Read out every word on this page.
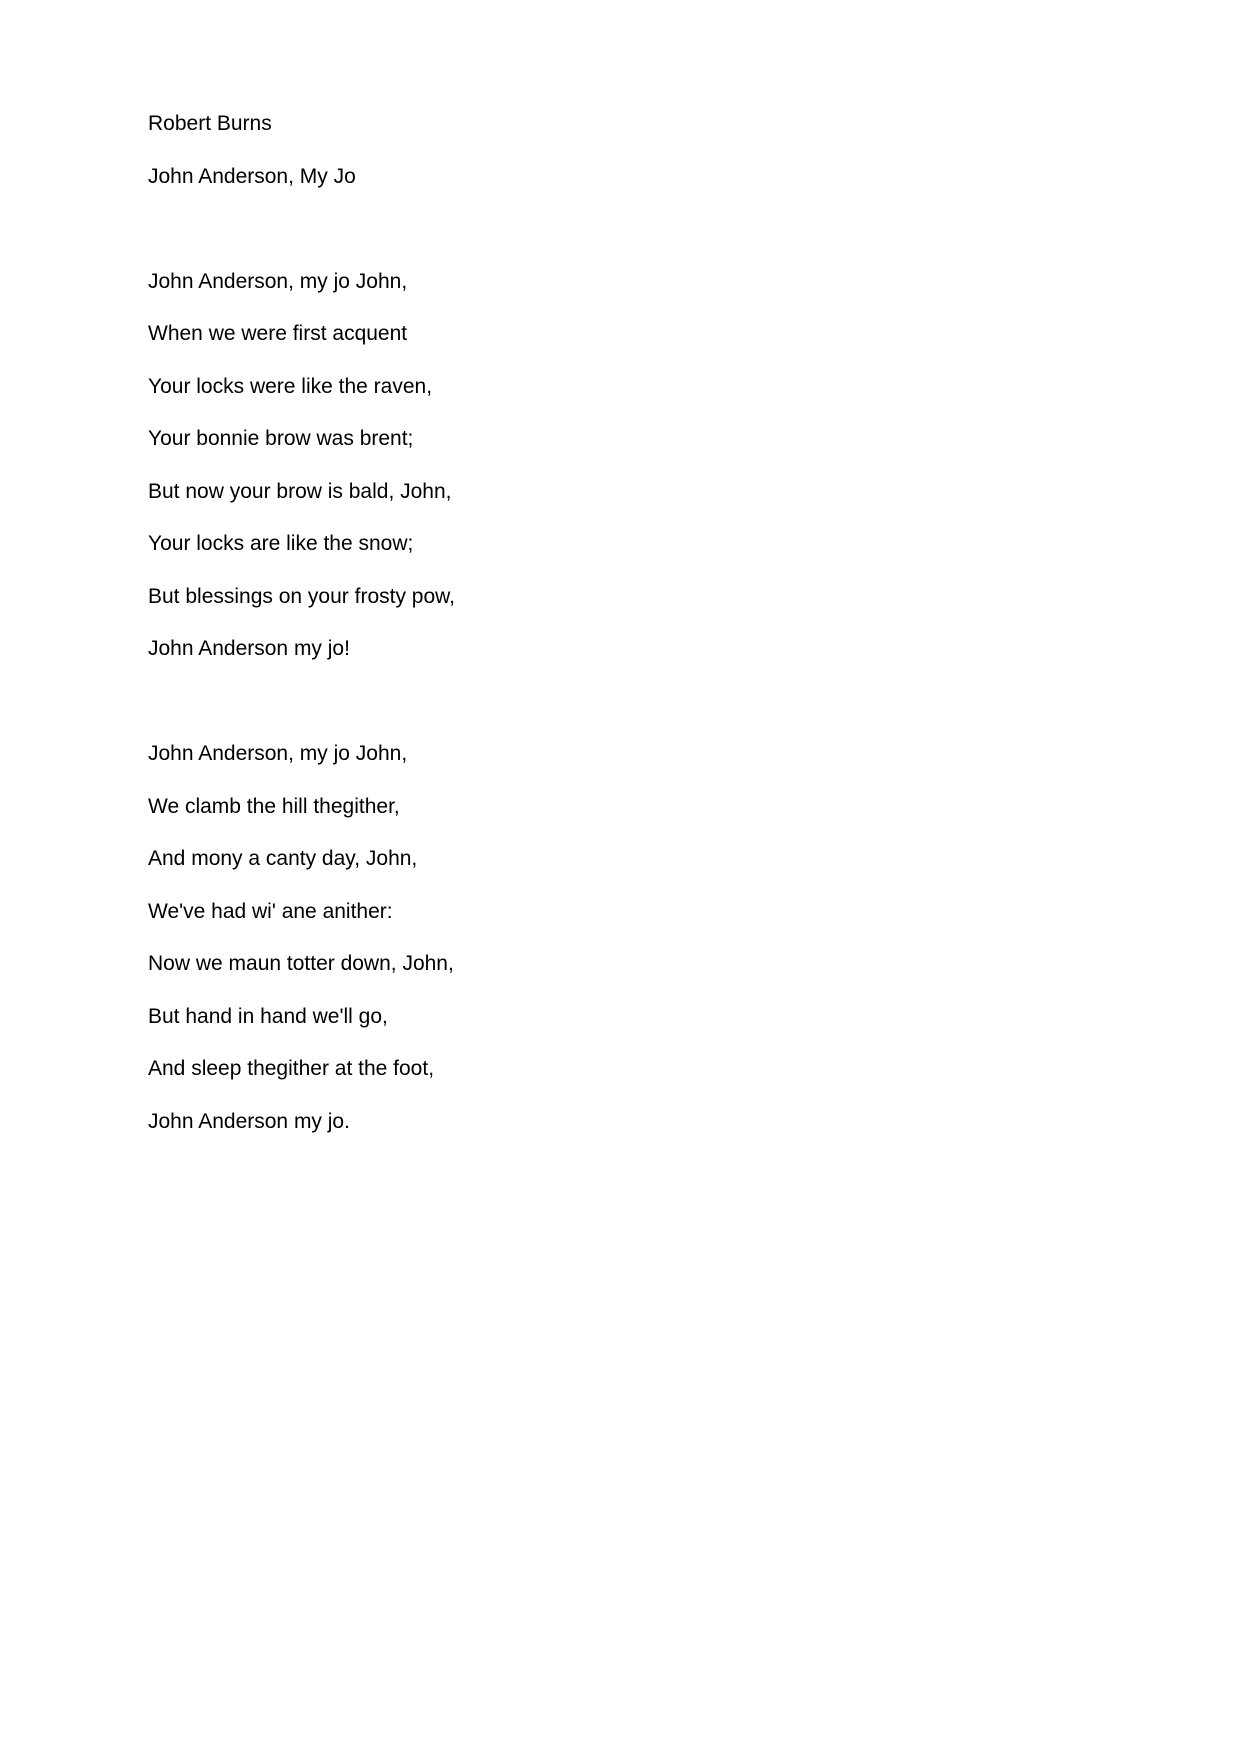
Robert Burns
John Anderson, My Jo
John Anderson, my jo John,
When we were first acquent
Your locks were like the raven,
Your bonnie brow was brent;
But now your brow is bald, John,
Your locks are like the snow;
But blessings on your frosty pow,
John Anderson my jo!
John Anderson, my jo John,
We clamb the hill thegither,
And mony a canty day, John,
We've had wi' ane anither:
Now we maun totter down, John,
But hand in hand we'll go,
And sleep thegither at the foot,
John Anderson my jo.
